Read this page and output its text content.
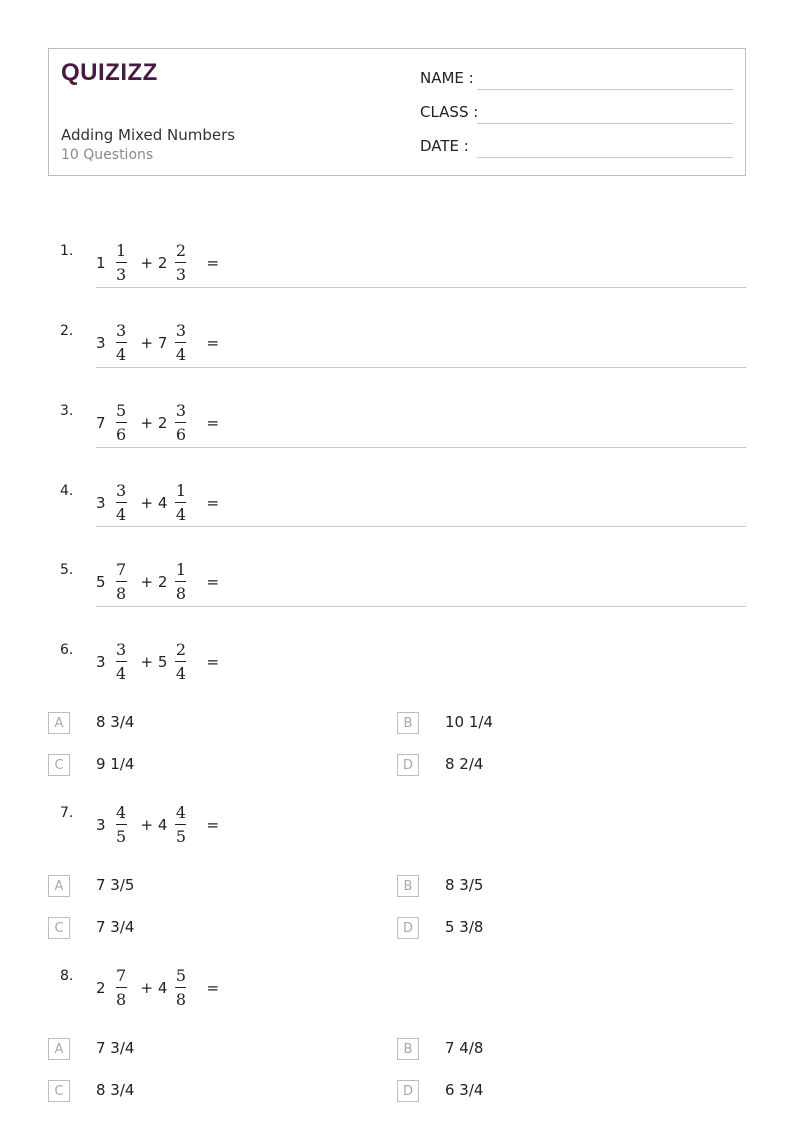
QUIZIZZ
Adding Mixed Numbers
10 Questions
NAME :
CLASS :
DATE :
1.
$1 \frac{1}{3} + 2 \frac{2}{3}$ =
2.
$3 \frac{3}{4} + 7 \frac{3}{4}$ =
3.
$7 \frac{5}{6} + 2 \frac{3}{6}$ =
4.
$3 \frac{3}{4} + 4 \frac{1}{4}$ =
5.
$5 \frac{7}{8} + 2 \frac{1}{8}$ =
6.
$3 \frac{3}{4} + 5 \frac{2}{4}$ =
A	8 3/4	B	10 1/4
C	9 1/4	D	8 2/4
7.
$3 \frac{4}{5} + 4 \frac{4}{5}$ =
A	7 3/5	B	8 3/5
C	7 3/4	D	5 3/8
8.
$2 \frac{7}{8} + 4 \frac{5}{8}$ =
A	7 3/4	B	7 4/8
C	8 3/4	D	6 3/4
